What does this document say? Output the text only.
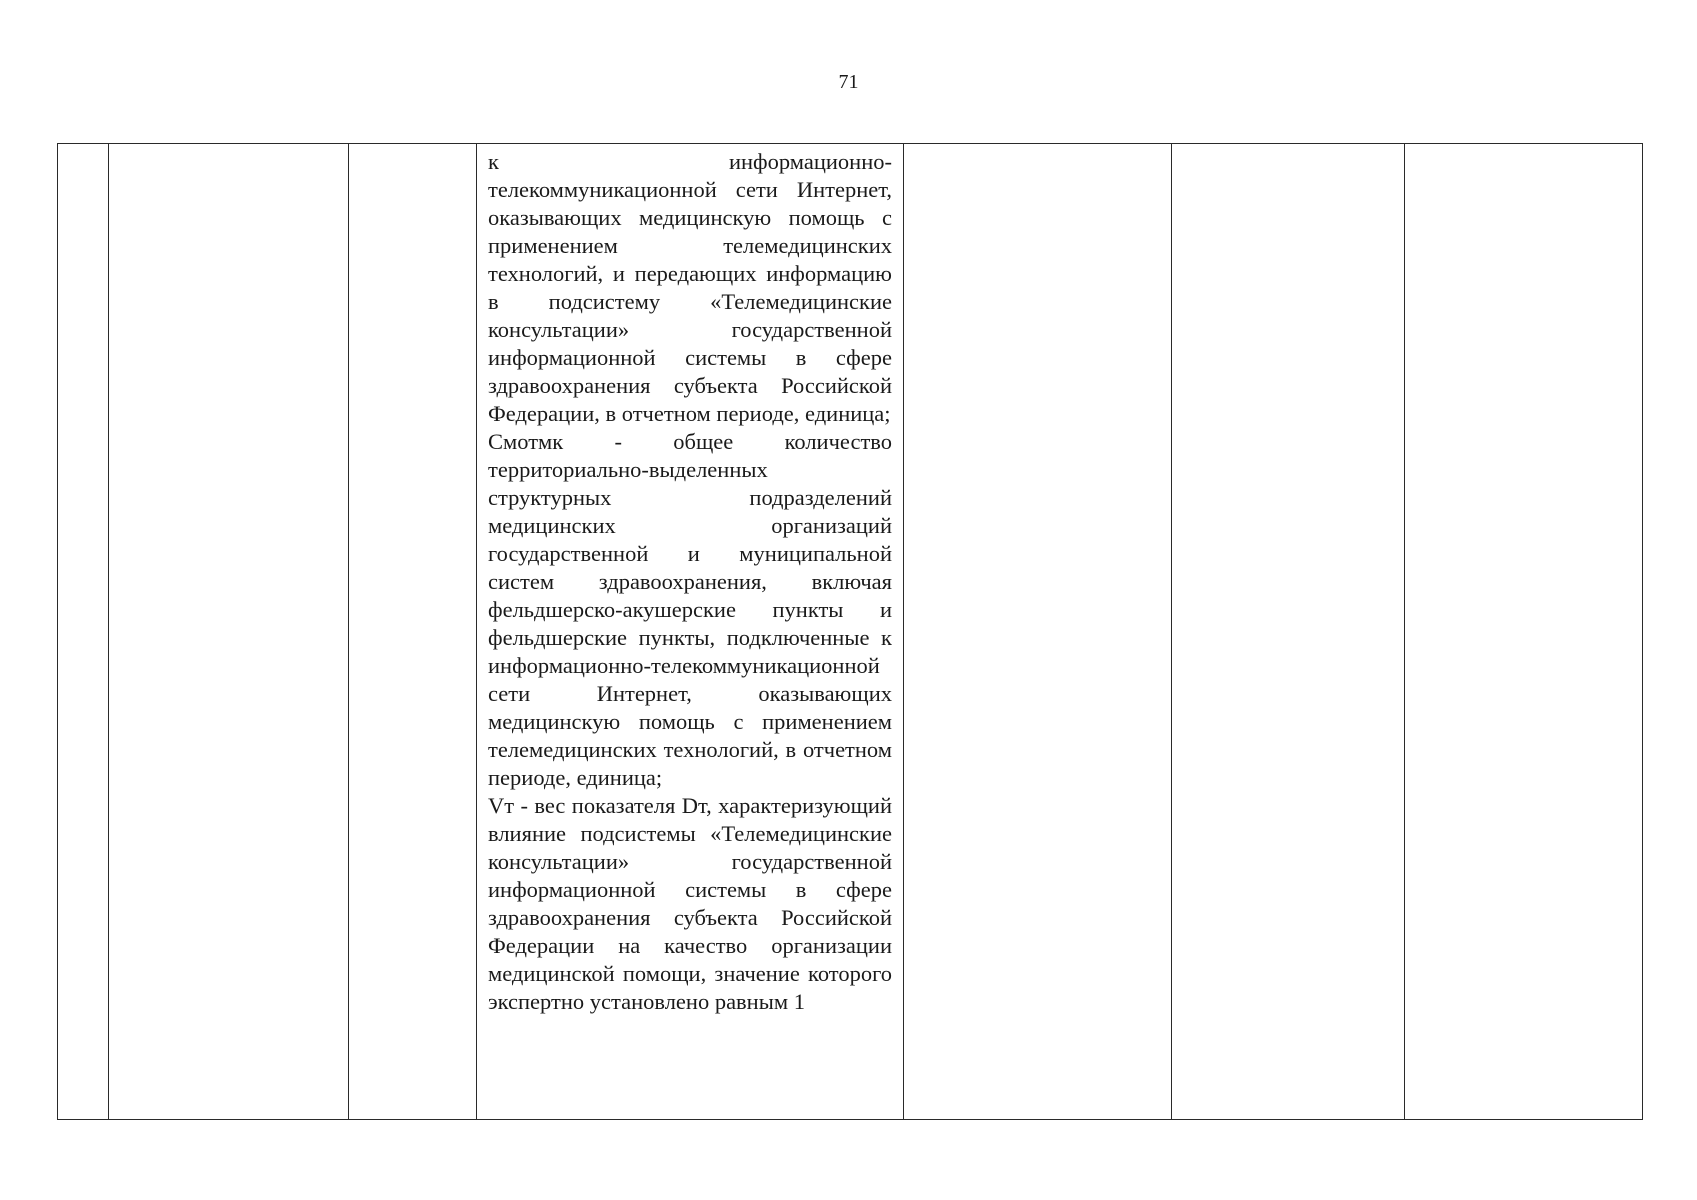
71

к информационно-телекоммуникационной сети Интернет, оказывающих медицинскую помощь с применением телемедицинских технологий, и передающих информацию в подсистему «Телемедицинские консультации» государственной информационной системы в сфере здравоохранения субъекта Российской Федерации, в отчетном периоде, единица;

Смотмк - общее количество территориально-выделенных структурных подразделений медицинских организаций государственной и муниципальной систем здравоохранения, включая фельдшерско-акушерские пункты и фельдшерские пункты, подключенные к информационно-телекоммуникационной сети Интернет, оказывающих медицинскую помощь с применением телемедицинских технологий, в отчетном периоде, единица;

Vт - вес показателя Dт, характеризующий влияние подсистемы «Телемедицинские консультации» государственной информационной системы в сфере здравоохранения субъекта Российской Федерации на качество организации медицинской помощи, значение которого экспертно установлено равным 1
